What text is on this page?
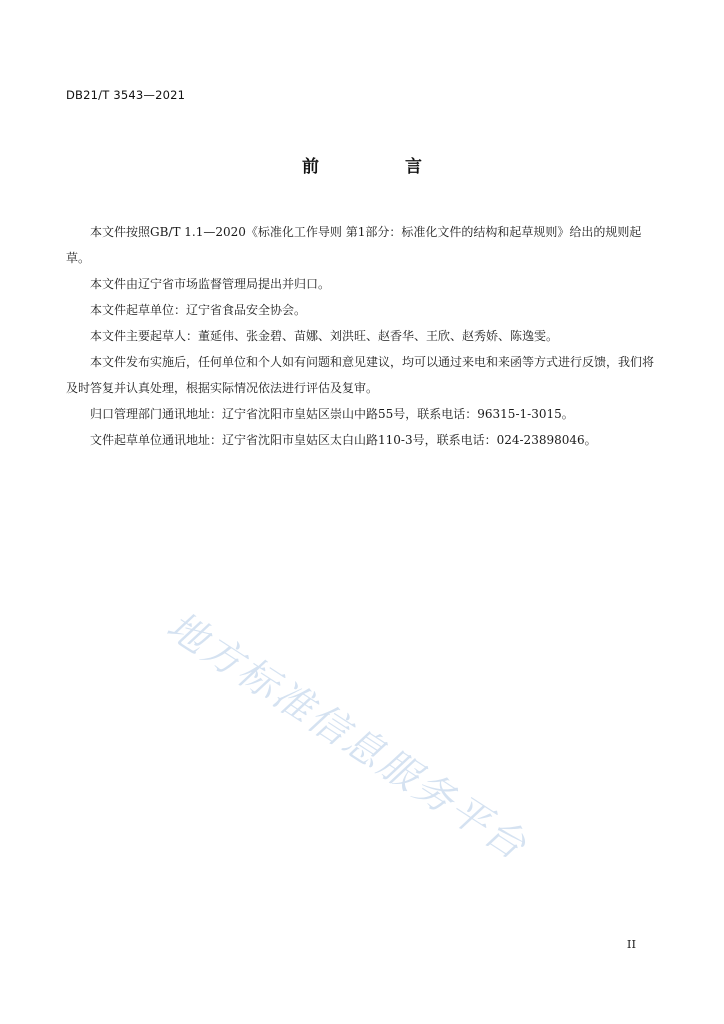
DB21/T 3543—2021
前 言

本文件按照GB/T 1.1—2020《标准化工作导则 第1部分：标准化文件的结构和起草规则》给出的规则起草。

本文件由辽宁省市场监督管理局提出并归口。

本文件起草单位：辽宁省食品安全协会。

本文件主要起草人：董延伟、张金碧、苗娜、刘洪旺、赵香华、王欣、赵秀娇、陈逸雯。

本文件发布实施后，任何单位和个人如有问题和意见建议，均可以通过来电和来函等方式进行反馈，我们将及时答复并认真处理，根据实际情况依法进行评估及复审。

归口管理部门通讯地址：辽宁省沈阳市皇姑区崇山中路55号，联系电话：96315-1-3015。

文件起草单位通讯地址：辽宁省沈阳市皇姑区太白山路110-3号，联系电话：024-23898046。

地方标准信息服务平台
II
